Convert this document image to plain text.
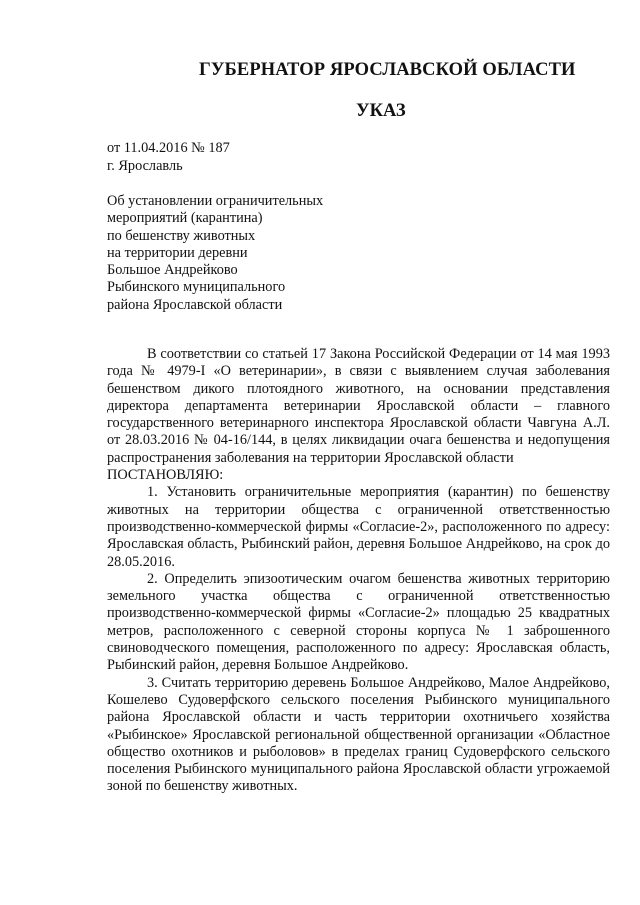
ГУБЕРНАТОР ЯРОСЛАВСКОЙ ОБЛАСТИ
УКАЗ
от 11.04.2016 № 187
г. Ярославль
Об установлении ограничительных
мероприятий (карантина)
по бешенству животных
на территории деревни
Большое Андрейково
Рыбинского муниципального
района Ярославской области

В соответствии со статьей 17 Закона Российской Федерации от 14 мая 1993 года № 4979-I «О ветеринарии», в связи с выявлением случая заболевания бешенством дикого плотоядного животного, на основании представления директора департамента ветеринарии Ярославской области – главного государственного ветеринарного инспектора Ярославской области Чавгуна А.Л. от 28.03.2016 № 04-16/144, в целях ликвидации очага бешенства и недопущения распространения заболевания на территории Ярославской области

ПОСТАНОВЛЯЮ:

1. Установить ограничительные мероприятия (карантин) по бешенству животных на территории общества с ограниченной ответственностью производственно-коммерческой фирмы «Согласие-2», расположенного по адресу: Ярославская область, Рыбинский район, деревня Большое Андрейково, на срок до 28.05.2016.

2. Определить эпизоотическим очагом бешенства животных территорию земельного участка общества с ограниченной ответственностью производственно-коммерческой фирмы «Согласие-2» площадью 25 квадратных метров, расположенного с северной стороны корпуса № 1 заброшенного свиноводческого помещения, расположенного по адресу: Ярославская область, Рыбинский район, деревня Большое Андрейково.

3. Считать территорию деревень Большое Андрейково, Малое Андрейково, Кошелево Судоверфского сельского поселения Рыбинского муниципального района Ярославской области и часть территории охотничьего хозяйства «Рыбинское» Ярославской региональной общественной организации «Областное общество охотников и рыболовов» в пределах границ Судоверфского сельского поселения Рыбинского муниципального района Ярославской области угрожаемой зоной по бешенству животных.
